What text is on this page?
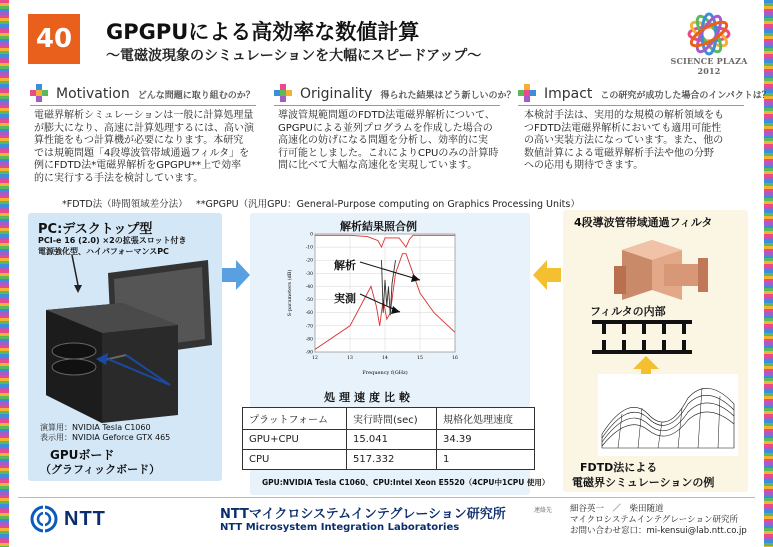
40	GPGPUによる高効率な数値計算
～電磁波現象のシミュレーションを大幅にスピードアップ～	SCIENCE PLAZA 2012
Motivation どんな問題に取り組むのか？	Originality 得られた結果はどう新しいのか？ Impact この研究が成功した場合のインパクトは？
電磁界解析シミュレーションは一般に計算処理量
が膨大になり、高速に計算処理するには、高い演
算性能をもつ計算機が必要になります。本研究
では規範問題「4段導波管帯域通過フィルタ」を
例にFDTD法*電磁界解析をGPGPU**上で効率
的に実行する手法を検討しています。
導波管規範問題のFDTD法電磁界解析について、
GPGPUによる並列プログラムを作成した場合の
高速化の妨げになる問題を分析し、効率的に実
行可能としました。これによりCPUのみの計算時
間に比べて大幅な高速化を実現しています。
本検討手法は、実用的な規模の解析領域をも
つFDTD法電磁界解析においても適用可能性
の高い実装方法になっています。また、他の
数値計算による電磁界解析手法や他の分野
への応用も期待できます。
*FDTD法（時間領域差分法） **GPGPU（汎用GPU：General-Purpose computing on Graphics Processing Units）
PC:デスクトップ型
PCI-e 16 (2.0) ×2の拡張スロット付き
電源強化型、ハイパフォーマンスPC
演算用：NVIDIA Tesla C1060
表示用：NVIDIA Geforce GTX 465
GPUボード
（グラフィックボード）
解析結果照合例
0
-10
-20
-30
-40
-50
-60
-70
-80
-90
12	13	14	15	16
Frequency f(GHz)
S-parameters (dB)
解析
実測
処理速度比較
プラットフォーム	実行時間(sec)	規格化処理速度
GPU+CPU	15.041	34.39
CPU	517.332	1
GPU:NVIDIA Tesla C1060、CPU:Intel Xeon E5520（4CPU中1CPU 使用）
4段導波管帯域通過フィルタ
フィルタの内部
FDTD法による
電磁界シミュレーションの例
NTT	NTTマイクロシステムインテグレーション研究所
NTT Microsystem Integration Laboratories
連絡先 細谷英一　／　柴田随道
マイクロシステムインテグレーション研究所
お問い合わせ窓口：mi-kensui@lab.ntt.co.jp
